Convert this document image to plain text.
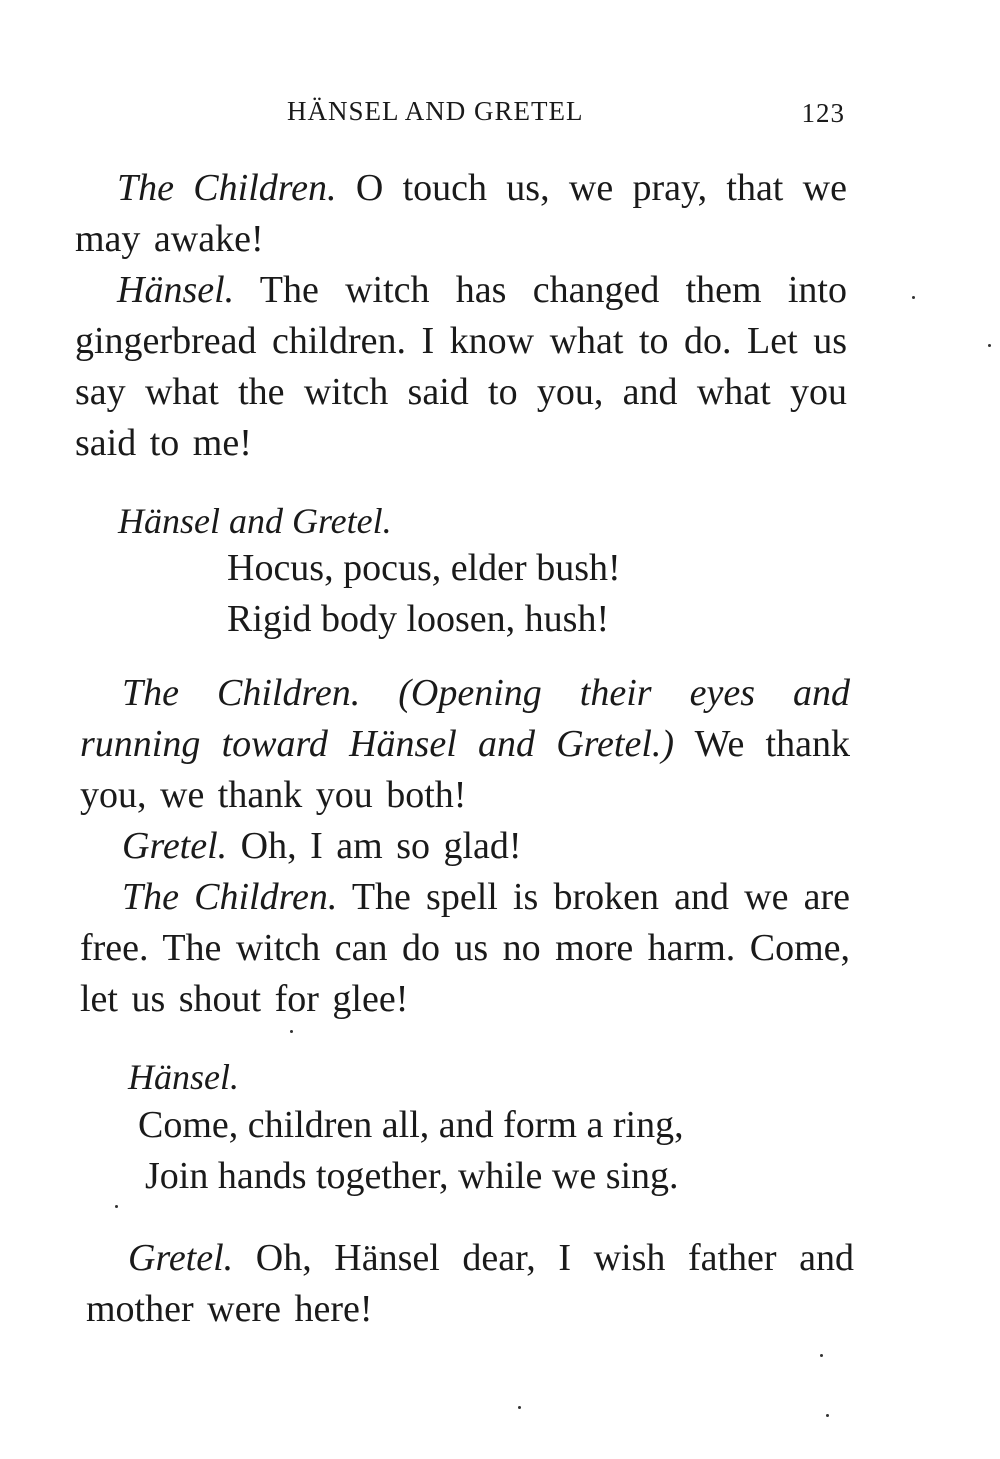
HÄNSEL AND GRETEL	123

The Children. O touch us, we pray, that we may awake!

Hänsel. The witch has changed them into gingerbread children. I know what to do. Let us say what the witch said to you, and what you said to me!

Hänsel and Gretel.
Hocus, pocus, elder bush!
Rigid body loosen, hush!

The Children. (Opening their eyes and running toward Hänsel and Gretel.) We thank you, we thank you both!

Gretel. Oh, I am so glad!

The Children. The spell is broken and we are free. The witch can do us no more harm. Come, let us shout for glee!

Hänsel.
Come, children all, and form a ring,
Join hands together, while we sing.

Gretel. Oh, Hänsel dear, I wish father and mother were here!
